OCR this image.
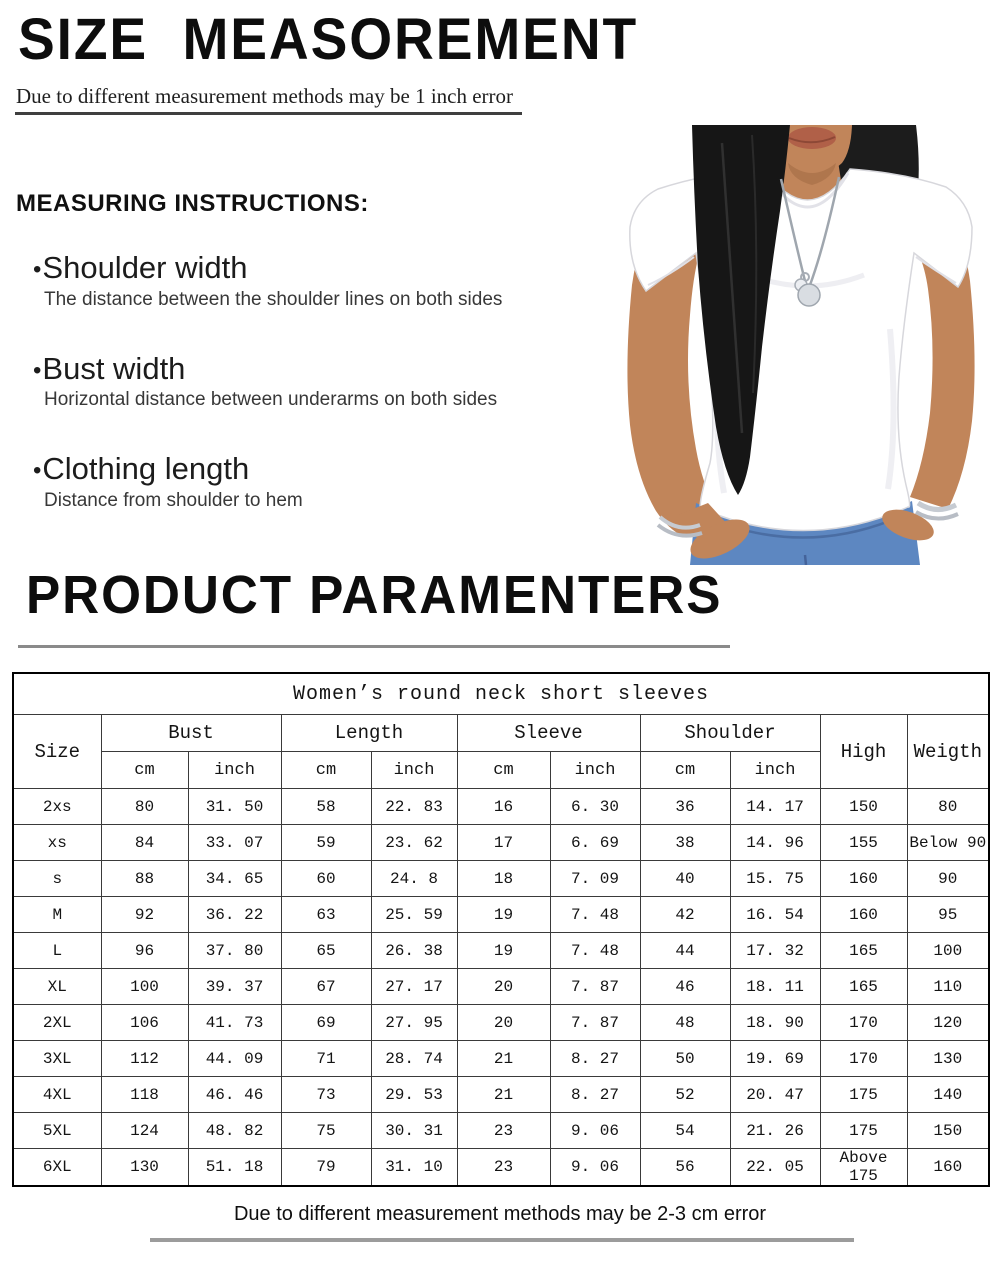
SIZE  MEASOREMENT

Due to different measurement methods may be 1 inch error

MEASURING INSTRUCTIONS:
•Shoulder width
The distance between the shoulder lines on both sides
•Bust width
Horizontal distance between underarms on both sides
•Clothing length
Distance from shoulder to hem
PRODUCT PARAMENTERS
Women’s round neck short sleeves										
Size	Bust		Length		Sleeve		Shoulder		High	Weigth
	cm	inch	cm	inch	cm	inch	cm	inch		
2xs	80	31. 50	58	22. 83	16	6. 30	36	14. 17	150	80
xs	84	33. 07	59	23. 62	17	6. 69	38	14. 96	155	Below 90
s	88	34. 65	60	24. 8	18	7. 09	40	15. 75	160	90
M	92	36. 22	63	25. 59	19	7. 48	42	16. 54	160	95
L	96	37. 80	65	26. 38	19	7. 48	44	17. 32	165	100
XL	100	39. 37	67	27. 17	20	7. 87	46	18. 11	165	110
2XL	106	41. 73	69	27. 95	20	7. 87	48	18. 90	170	120
3XL	112	44. 09	71	28. 74	21	8. 27	50	19. 69	170	130
4XL	118	46. 46	73	29. 53	21	8. 27	52	20. 47	175	140
5XL	124	48. 82	75	30. 31	23	9. 06	54	21. 26	175	150
6XL	130	51. 18	79	31. 10	23	9. 06	56	22. 05	Above 175	160

Due to different measurement methods may be 2-3 cm error
